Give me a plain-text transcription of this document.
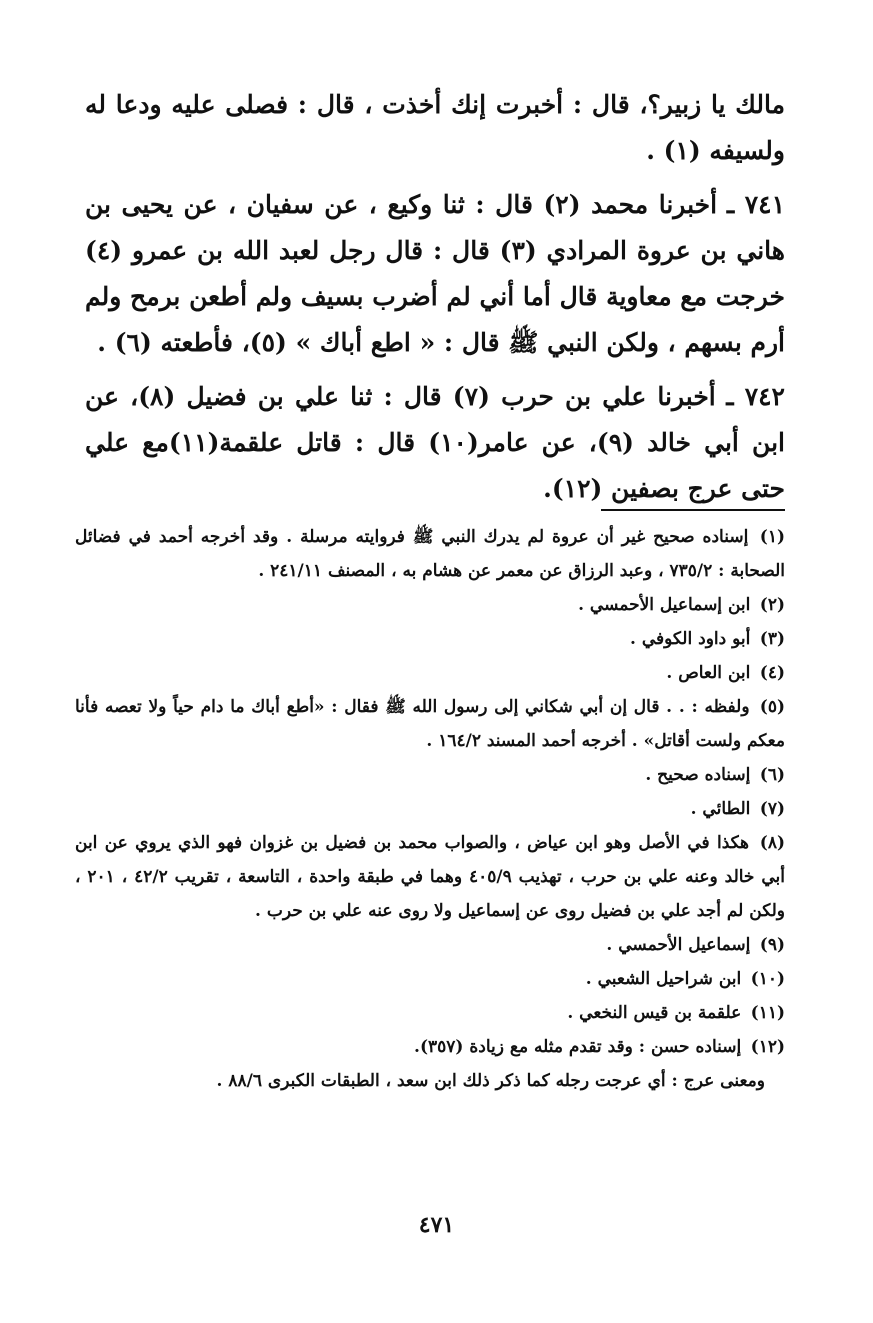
مالك يا زبير؟، قال : أخبرت إنك أخذت ، قال : فصلى عليه ودعا له ولسيفه (١) .

٧٤١ ـ أخبرنا محمد (٢) قال : ثنا وكيع ، عن سفيان ، عن يحيى بن هاني بن عروة المرادي (٣) قال : قال رجل لعبد الله بن عمرو (٤) خرجت مع معاوية قال أما أني لم أضرب بسيف ولم أطعن برمح ولم أرم بسهم ، ولكن النبي ﷺ قال : « اطع أباك » (٥)، فأطعته (٦) .

٧٤٢ ـ أخبرنا علي بن حرب (٧) قال : ثنا علي بن فضيل (٨)، عن ابن أبي خالد (٩)، عن عامر(١٠) قال : قاتل علقمة(١١)مع علي حتى عرج بصفين (١٢).

(١) إسناده صحيح غير أن عروة لم يدرك النبي ﷺ فروايته مرسلة . وقد أخرجه أحمد في فضائل الصحابة : ٧٣٥/٢ ، وعبد الرزاق عن معمر عن هشام به ، المصنف ٢٤١/١١ .

(٢) ابن إسماعيل الأحمسي .

(٣) أبو داود الكوفي .

(٤) ابن العاص .

(٥) ولفظه : . . قال إن أبي شكاني إلى رسول الله ﷺ فقال : «أطع أباك ما دام حياً ولا تعصه فأنا معكم ولست أقاتل» . أخرجه أحمد المسند ١٦٤/٢ .

(٦) إسناده صحيح .

(٧) الطائي .

(٨) هكذا في الأصل وهو ابن عياض ، والصواب محمد بن فضيل بن غزوان فهو الذي يروي عن ابن أبي خالد وعنه علي بن حرب ، تهذيب ٤٠٥/٩ وهما في طبقة واحدة ، التاسعة ، تقريب ٤٢/٢ ، ٢٠١ ، ولكن لم أجد علي بن فضيل روى عن إسماعيل ولا روى عنه علي بن حرب .

(٩) إسماعيل الأحمسي .

(١٠) ابن شراحيل الشعبي .

(١١) علقمة بن قيس النخعي .

(١٢) إسناده حسن : وقد تقدم مثله مع زيادة (٣٥٧).

ومعنى عرج : أي عرجت رجله كما ذكر ذلك ابن سعد ، الطبقات الكبرى ٨٨/٦ .

٤٧١
